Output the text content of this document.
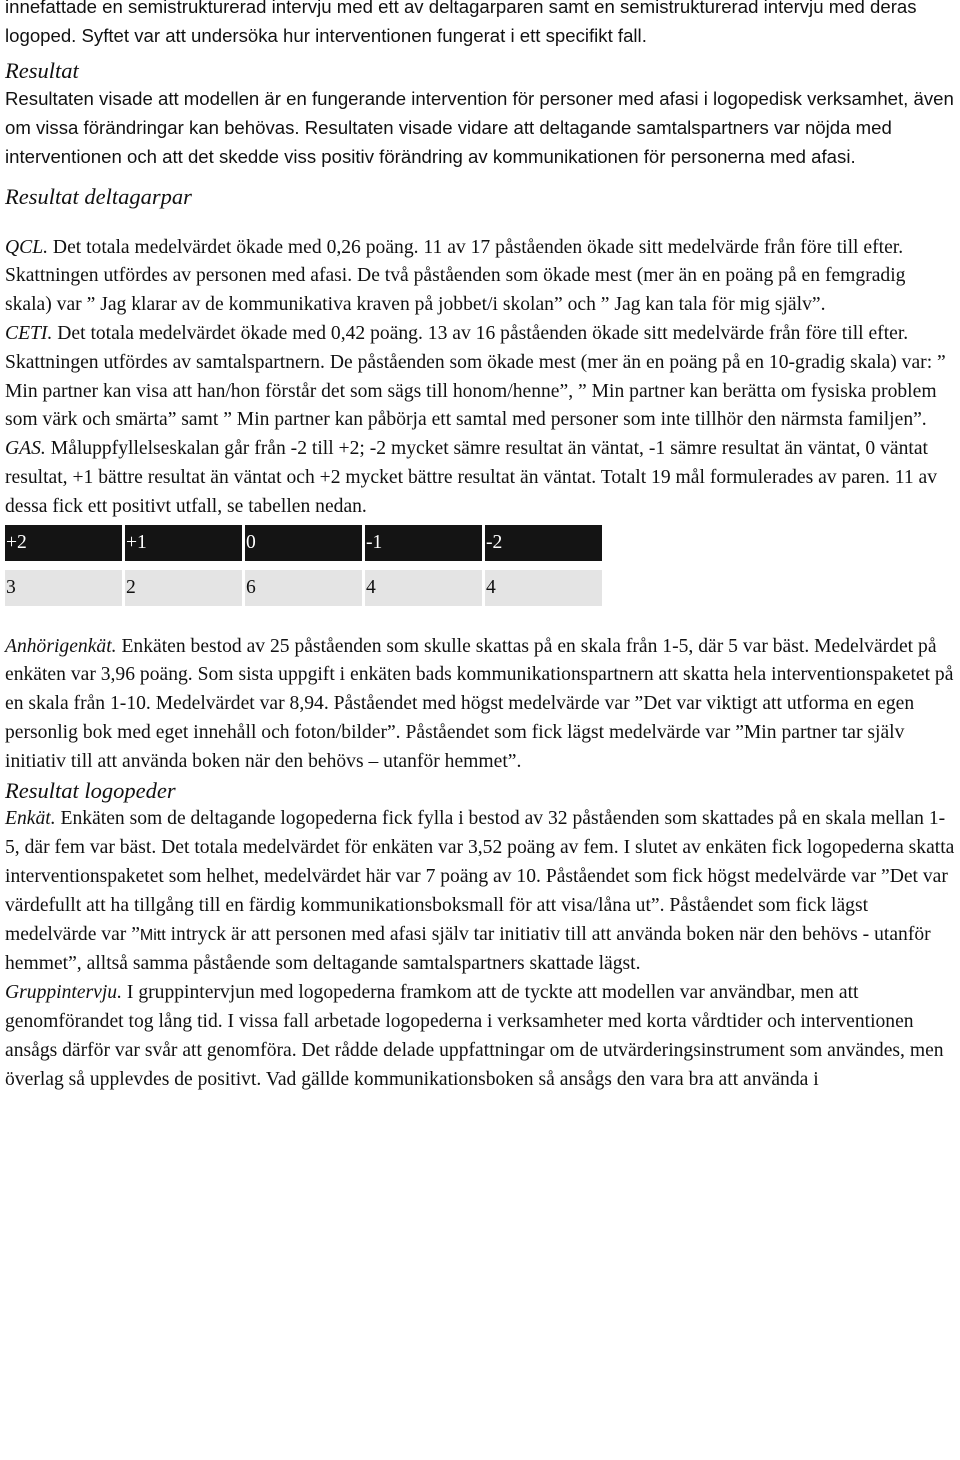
innefattade en semistrukturerad intervju med ett av deltagarparen samt en semistrukturerad intervju med deras logoped. Syftet var att undersöka hur interventionen fungerat i ett specifikt fall.

Resultat

Resultaten visade att modellen är en fungerande intervention för personer med afasi i logopedisk verksamhet, även om vissa förändringar kan behövas. Resultaten visade vidare att deltagande samtalspartners var nöjda med interventionen och att det skedde viss positiv förändring av kommunikationen för personerna med afasi.

Resultat deltagarpar

QCL. Det totala medelvärdet ökade med 0,26 poäng. 11 av 17 påståenden ökade sitt medelvärde från före till efter. Skattningen utfördes av personen med afasi. De två påståenden som ökade mest (mer än en poäng på en femgradig skala) var ” Jag klarar av de kommunikativa kraven på jobbet/i skolan” och ” Jag kan tala för mig själv”.

CETI. Det totala medelvärdet ökade med 0,42 poäng. 13 av 16 påståenden ökade sitt medelvärde från före till efter. Skattningen utfördes av samtalspartnern. De påståenden som ökade mest (mer än en poäng på en 10-gradig skala) var: ” Min partner kan visa att han/hon förstår det som sägs till honom/henne”, ” Min partner kan berätta om fysiska problem som värk och smärta” samt ” Min partner kan påbörja ett samtal med personer som inte tillhör den närmsta familjen”.

GAS. Måluppfyllelseskalan går från -2 till +2; -2 mycket sämre resultat än väntat, -1 sämre resultat än väntat, 0 väntat resultat, +1 bättre resultat än väntat och +2 mycket bättre resultat än väntat. Totalt 19 mål formulerades av paren. 11 av dessa fick ett positivt utfall, se tabellen nedan.

+2	+1	0	-1	-2

3	2	6	4	4

Anhörigenkät. Enkäten bestod av 25 påståenden som skulle skattas på en skala från 1-5, där 5 var bäst. Medelvärdet på enkäten var 3,96 poäng. Som sista uppgift i enkäten bads kommunikationspartnern att skatta hela interventionspaketet på en skala från 1-10. Medelvärdet var 8,94. Påståendet med högst medelvärde var ”Det var viktigt att utforma en egen personlig bok med eget innehåll och foton/bilder”. Påståendet som fick lägst medelvärde var ”Min partner tar själv initiativ till att använda boken när den behövs – utanför hemmet”.

Resultat logopeder

Enkät. Enkäten som de deltagande logopederna fick fylla i bestod av 32 påståenden som skattades på en skala mellan 1-5, där fem var bäst. Det totala medelvärdet för enkäten var 3,52 poäng av fem. I slutet av enkäten fick logopederna skatta interventionspaketet som helhet, medelvärdet här var 7 poäng av 10. Påståendet som fick högst medelvärde var ”Det var värdefullt att ha tillgång till en färdig kommunikationsboksmall för att visa/låna ut”. Påståendet som fick lägst medelvärde var ”Mitt intryck är att personen med afasi själv tar initiativ till att använda boken när den behövs - utanför hemmet”, alltså samma påstående som deltagande samtalspartners skattade lägst.

Gruppintervju. I gruppintervjun med logopederna framkom att de tyckte att modellen var användbar, men att genomförandet tog lång tid. I vissa fall arbetade logopederna i verksamheter med korta vårdtider och interventionen ansågs därför var svår att genomföra. Det rådde delade uppfattningar om de utvärderingsinstrument som användes, men överlag så upplevdes de positivt. Vad gällde kommunikationsboken så ansågs den vara bra att använda i
